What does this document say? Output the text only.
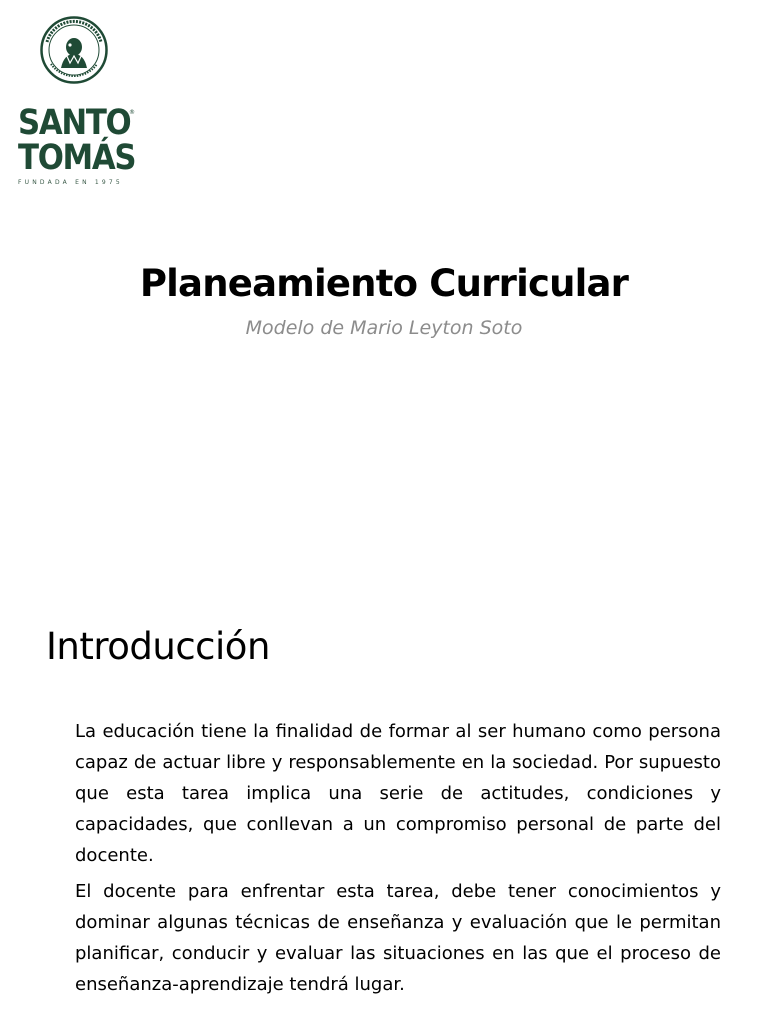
SANTO
TOMÁS
®
FUNDADA EN 1975
Planeamiento Curricular

Modelo de Mario Leyton Soto

Introducción

La educación tiene la finalidad de formar al ser humano como persona capaz de actuar libre y responsablemente en la sociedad. Por supuesto que esta tarea implica una serie de actitudes, condiciones y capacidades, que conllevan a un compromiso personal de parte del docente.

El docente para enfrentar esta tarea, debe tener conocimientos y dominar algunas técnicas de enseñanza y evaluación que le permitan planificar, conducir y evaluar las situaciones en las que el proceso de enseñanza-aprendizaje tendrá lugar.
